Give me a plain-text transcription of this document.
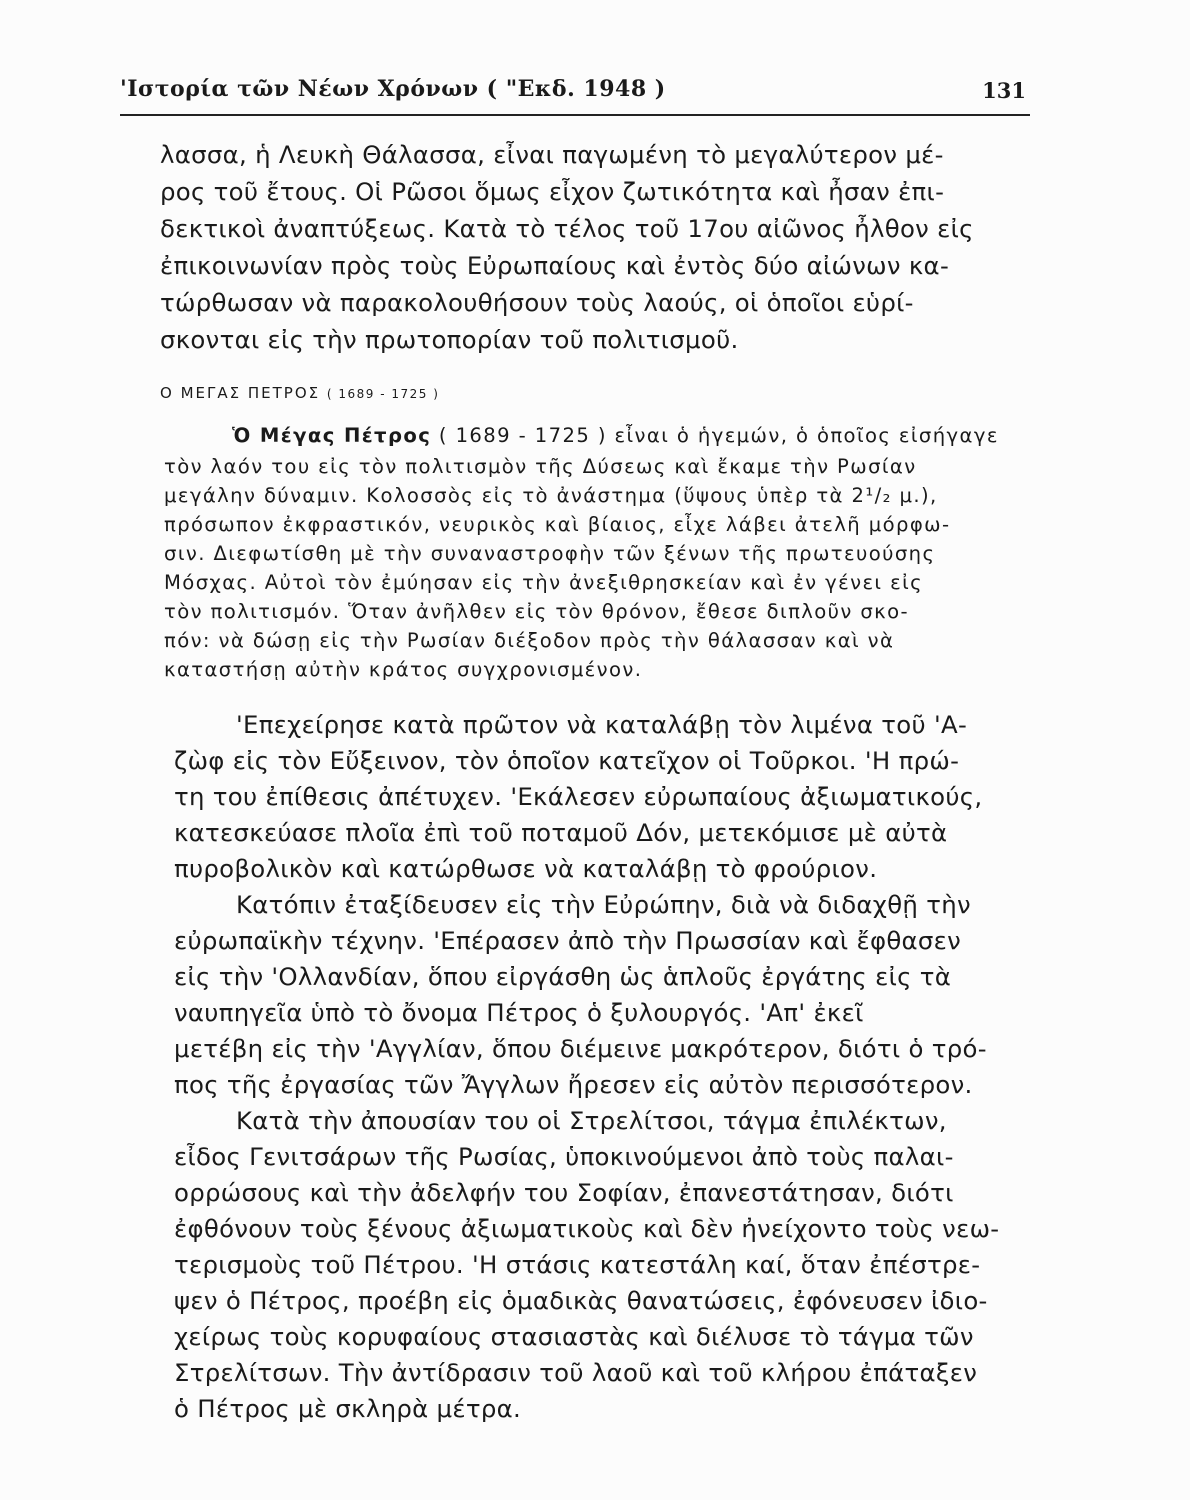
'Ιστορία τῶν Νέων Χρόνων ( "Εκδ. 1948 )	131
λασσα, ἡ Λευκὴ Θάλασσα, εἶναι παγωμένη τὸ μεγαλύτερον μέ-
ρος τοῦ ἔτους. Οἱ Ρῶσοι ὅμως εἶχον ζωτικότητα καὶ ἦσαν ἐπι-
δεκτικοὶ ἀναπτύξεως. Κατὰ τὸ τέλος τοῦ 17ου αἰῶνος ἦλθον εἰς
ἐπικοινωνίαν πρὸς τοὺς Εὐρωπαίους καὶ ἐντὸς δύο αἰώνων κα-
τώρθωσαν νὰ παρακολουθήσουν τοὺς λαούς, οἱ ὁποῖοι εὑρί-
σκονται εἰς τὴν πρωτοπορίαν τοῦ πολιτισμοῦ.
Ο ΜΕΓΑΣ ΠΕΤΡΟΣ ( 1689 - 1725 )
Ὁ Μέγας Πέτρος ( 1689 - 1725 ) εἶναι ὁ ἡγεμών, ὁ ὁποῖος εἰσήγαγε
τὸν λαόν του εἰς τὸν πολιτισμὸν τῆς Δύσεως καὶ ἔκαμε τὴν Ρωσίαν
μεγάλην δύναμιν. Κολοσσὸς εἰς τὸ ἀνάστημα (ὕψους ὑπὲρ τὰ 2¹/₂ μ.),
πρόσωπον ἐκφραστικόν, νευρικὸς καὶ βίαιος, εἶχε λάβει ἀτελῆ μόρφω-
σιν. Διεφωτίσθη μὲ τὴν συναναστροφὴν τῶν ξένων τῆς πρωτευούσης
Μόσχας. Αὐτοὶ τὸν ἐμύησαν εἰς τὴν ἀνεξιθρησκείαν καὶ ἐν γένει εἰς
τὸν πολιτισμόν. Ὅταν ἀνῆλθεν εἰς τὸν θρόνον, ἔθεσε διπλοῦν σκο-
πόν: νὰ δώσῃ εἰς τὴν Ρωσίαν διέξοδον πρὸς τὴν θάλασσαν καὶ νὰ
καταστήσῃ αὐτὴν κράτος συγχρονισμένον.
'Επεχείρησε κατὰ πρῶτον νὰ καταλάβῃ τὸν λιμένα τοῦ 'Α-
ζὼφ εἰς τὸν Εὔξεινον, τὸν ὁποῖον κατεῖχον οἱ Τοῦρκοι. 'Η πρώ-
τη του ἐπίθεσις ἀπέτυχεν. 'Εκάλεσεν εὐρωπαίους ἀξιωματικούς,
κατεσκεύασε πλοῖα ἐπὶ τοῦ ποταμοῦ Δόν, μετεκόμισε μὲ αὐτὰ
πυροβολικὸν καὶ κατώρθωσε νὰ καταλάβῃ τὸ φρούριον.
Κατόπιν ἐταξίδευσεν εἰς τὴν Εὐρώπην, διὰ νὰ διδαχθῇ τὴν
εὐρωπαϊκὴν τέχνην. 'Επέρασεν ἀπὸ τὴν Πρωσσίαν καὶ ἔφθασεν
εἰς τὴν 'Ολλανδίαν, ὅπου εἰργάσθη ὡς ἁπλοῦς ἐργάτης εἰς τὰ
ναυπηγεῖα ὑπὸ τὸ ὄνομα Πέτρος ὁ ξυλουργός. 'Απ' ἐκεῖ
μετέβη εἰς τὴν 'Αγγλίαν, ὅπου διέμεινε μακρότερον, διότι ὁ τρό-
πος τῆς ἐργασίας τῶν Ἄγγλων ἤρεσεν εἰς αὐτὸν περισσότερον.
Κατὰ τὴν ἀπουσίαν του οἱ Στρελίτσοι, τάγμα ἐπιλέκτων,
εἶδος Γενιτσάρων τῆς Ρωσίας, ὑποκινούμενοι ἀπὸ τοὺς παλαι-
ορρώσους καὶ τὴν ἀδελφήν του Σοφίαν, ἐπανεστάτησαν, διότι
ἐφθόνουν τοὺς ξένους ἀξιωματικοὺς καὶ δὲν ἠνείχοντο τοὺς νεω-
τερισμοὺς τοῦ Πέτρου. 'Η στάσις κατεστάλη καί, ὅταν ἐπέστρε-
ψεν ὁ Πέτρος, προέβη εἰς ὁμαδικὰς θανατώσεις, ἐφόνευσεν ἰδιο-
χείρως τοὺς κορυφαίους στασιαστὰς καὶ διέλυσε τὸ τάγμα τῶν
Στρελίτσων. Τὴν ἀντίδρασιν τοῦ λαοῦ καὶ τοῦ κλήρου ἐπάταξεν
ὁ Πέτρος μὲ σκληρὰ μέτρα.
